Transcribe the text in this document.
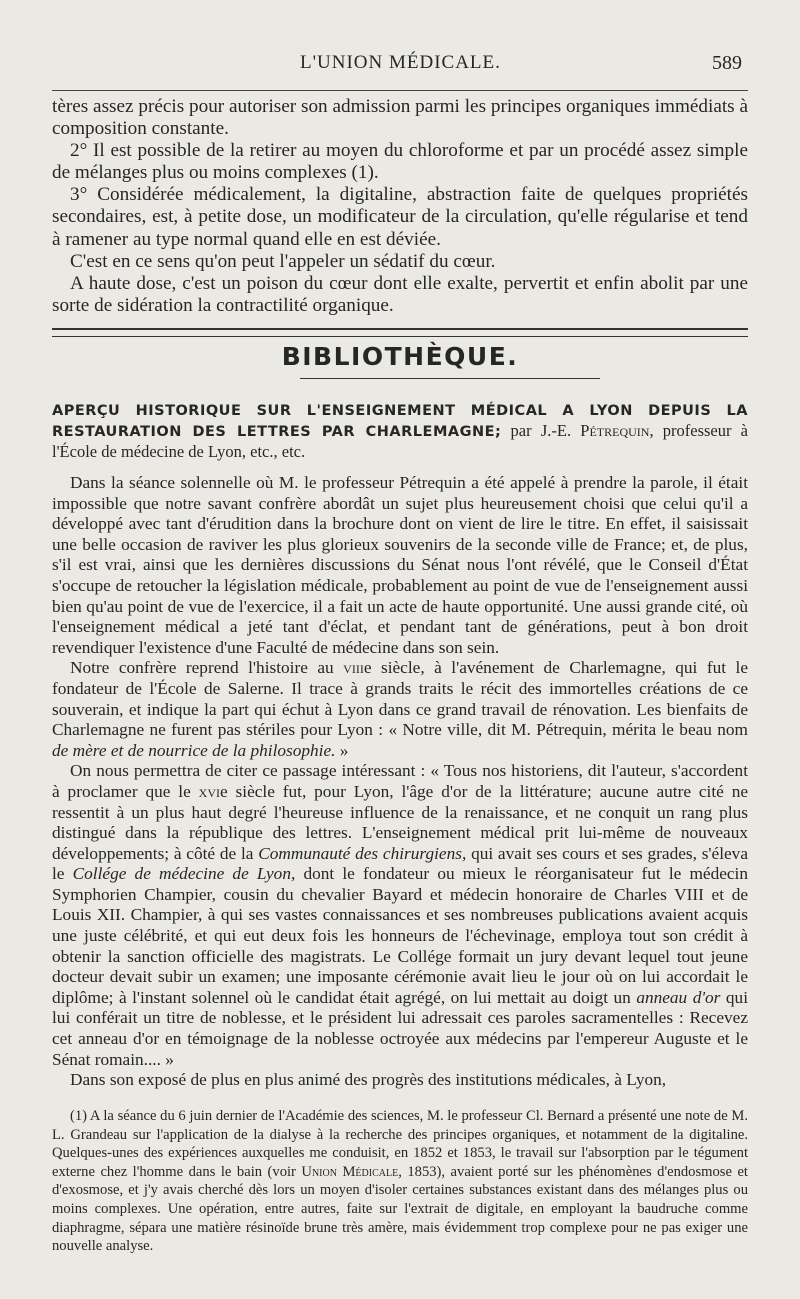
L'UNION MÉDICALE.	589

tères assez précis pour autoriser son admission parmi les principes organiques immédiats à composition constante.

2° Il est possible de la retirer au moyen du chloroforme et par un procédé assez simple de mélanges plus ou moins complexes (1).

3° Considérée médicalement, la digitaline, abstraction faite de quelques propriétés secondaires, est, à petite dose, un modificateur de la circulation, qu'elle régularise et tend à ramener au type normal quand elle en est déviée.

C'est en ce sens qu'on peut l'appeler un sédatif du cœur.

A haute dose, c'est un poison du cœur dont elle exalte, pervertit et enfin abolit par une sorte de sidération la contractilité organique.

BIBLIOTHÈQUE.

APERÇU HISTORIQUE SUR L'ENSEIGNEMENT MÉDICAL A LYON DEPUIS LA RESTAURATION DES LETTRES PAR CHARLEMAGNE; par J.-E. Pétrequin, professeur à l'École de médecine de Lyon, etc., etc.

Dans la séance solennelle où M. le professeur Pétrequin a été appelé à prendre la parole, il était impossible que notre savant confrère abordât un sujet plus heureusement choisi que celui qu'il a développé avec tant d'érudition dans la brochure dont on vient de lire le titre. En effet, il saisissait une belle occasion de raviver les plus glorieux souvenirs de la seconde ville de France; et, de plus, s'il est vrai, ainsi que les dernières discussions du Sénat nous l'ont révélé, que le Conseil d'État s'occupe de retoucher la législation médicale, probablement au point de vue de l'enseignement aussi bien qu'au point de vue de l'exercice, il a fait un acte de haute opportunité. Une aussi grande cité, où l'enseignement médical a jeté tant d'éclat, et pendant tant de générations, peut à bon droit revendiquer l'existence d'une Faculté de médecine dans son sein.

Notre confrère reprend l'histoire au viiie siècle, à l'avénement de Charlemagne, qui fut le fondateur de l'École de Salerne. Il trace à grands traits le récit des immortelles créations de ce souverain, et indique la part qui échut à Lyon dans ce grand travail de rénovation. Les bienfaits de Charlemagne ne furent pas stériles pour Lyon : « Notre ville, dit M. Pétrequin, mérita le beau nom de mère et de nourrice de la philosophie. »

On nous permettra de citer ce passage intéressant : « Tous nos historiens, dit l'auteur, s'accordent à proclamer que le xvie siècle fut, pour Lyon, l'âge d'or de la littérature; aucune autre cité ne ressentit à un plus haut degré l'heureuse influence de la renaissance, et ne conquit un rang plus distingué dans la république des lettres. L'enseignement médical prit lui-même de nouveaux développements; à côté de la Communauté des chirurgiens, qui avait ses cours et ses grades, s'éleva le Collége de médecine de Lyon, dont le fondateur ou mieux le réorganisateur fut le médecin Symphorien Champier, cousin du chevalier Bayard et médecin honoraire de Charles VIII et de Louis XII. Champier, à qui ses vastes connaissances et ses nombreuses publications avaient acquis une juste célébrité, et qui eut deux fois les honneurs de l'échevinage, employa tout son crédit à obtenir la sanction officielle des magistrats. Le Collége formait un jury devant lequel tout jeune docteur devait subir un examen; une imposante cérémonie avait lieu le jour où on lui accordait le diplôme; à l'instant solennel où le candidat était agrégé, on lui mettait au doigt un anneau d'or qui lui conférait un titre de noblesse, et le président lui adressait ces paroles sacramentelles : Recevez cet anneau d'or en témoignage de la noblesse octroyée aux médecins par l'empereur Auguste et le Sénat romain.... »

Dans son exposé de plus en plus animé des progrès des institutions médicales, à Lyon,

(1) A la séance du 6 juin dernier de l'Académie des sciences, M. le professeur Cl. Bernard a présenté une note de M. L. Grandeau sur l'application de la dialyse à la recherche des principes organiques, et notamment de la digitaline. Quelques-unes des expériences auxquelles me conduisit, en 1852 et 1853, le travail sur l'absorption par le tégument externe chez l'homme dans le bain (voir Union Médicale, 1853), avaient porté sur les phénomènes d'endosmose et d'exosmose, et j'y avais cherché dès lors un moyen d'isoler certaines substances existant dans des mélanges plus ou moins complexes. Une opération, entre autres, faite sur l'extrait de digitale, en employant la baudruche comme diaphragme, sépara une matière résinoïde brune très amère, mais évidemment trop complexe pour ne pas exiger une nouvelle analyse.
